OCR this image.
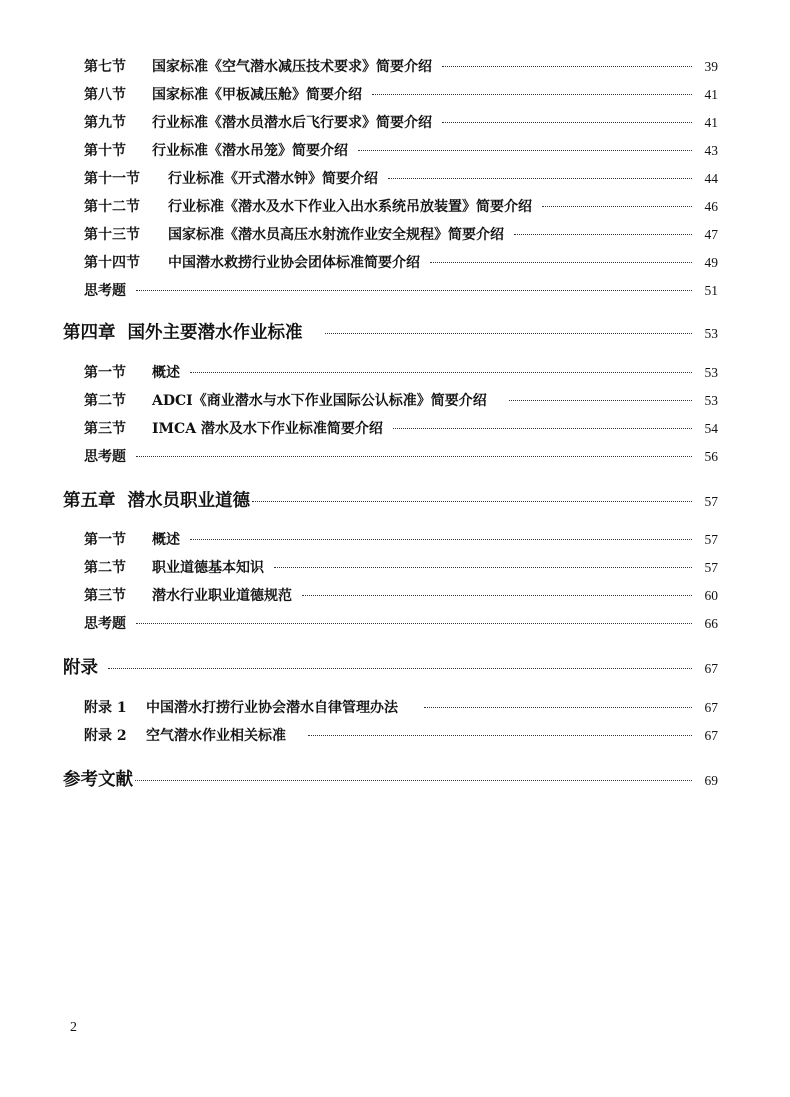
第七节	国家标准《空气潜水减压技术要求》简要介绍	39
第八节	国家标准《甲板减压舱》简要介绍	41
第九节	行业标准《潜水员潜水后飞行要求》简要介绍	41
第十节	行业标准《潜水吊笼》简要介绍	43
第十一节	行业标准《开式潜水钟》简要介绍	44
第十二节	行业标准《潜水及水下作业入出水系统吊放装置》简要介绍	46
第十三节	国家标准《潜水员高压水射流作业安全规程》简要介绍	47
第十四节	中国潜水救捞行业协会团体标准简要介绍	49
思考题	51
第四章 国外主要潜水作业标准	53
第一节	概述	53
第二节	ADCI《商业潜水与水下作业国际公认标准》简要介绍	53
第三节	IMCA 潜水及水下作业标准简要介绍	54
思考题	56
第五章 潜水员职业道德	57
第一节	概述	57
第二节	职业道德基本知识	57
第三节	潜水行业职业道德规范	60
思考题	66
附录	67
附录 1	中国潜水打捞行业协会潜水自律管理办法	67
附录 2	空气潜水作业相关标准	67
参考文献	69
2
